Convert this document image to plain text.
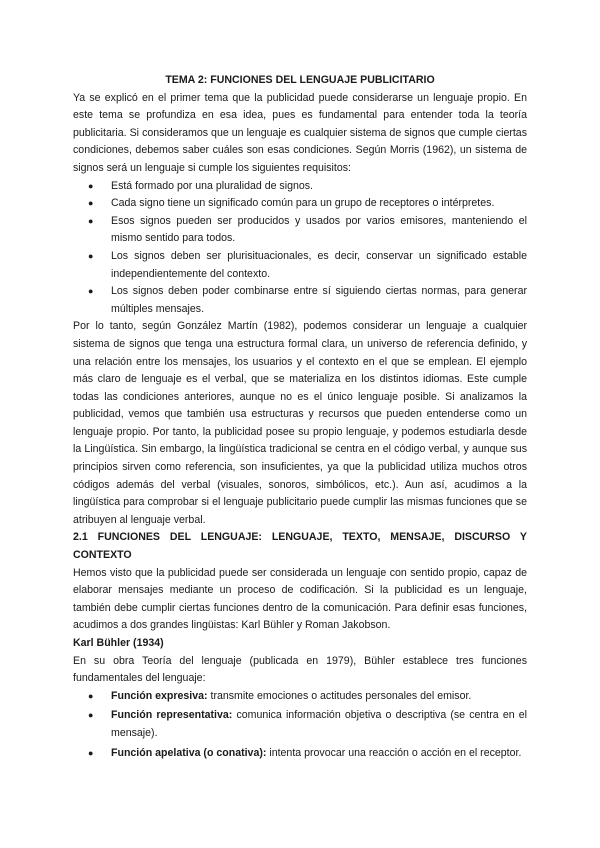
TEMA 2: FUNCIONES DEL LENGUAJE PUBLICITARIO

Ya se explicó en el primer tema que la publicidad puede considerarse un lenguaje propio. En este tema se profundiza en esa idea, pues es fundamental para entender toda la teoría publicitaria. Si consideramos que un lenguaje es cualquier sistema de signos que cumple ciertas condiciones, debemos saber cuáles son esas condiciones. Según Morris (1962), un sistema de signos será un lenguaje si cumple los siguientes requisitos:

● Está formado por una pluralidad de signos.
● Cada signo tiene un significado común para un grupo de receptores o intérpretes.
● Esos signos pueden ser producidos y usados por varios emisores, manteniendo el mismo sentido para todos.
● Los signos deben ser plurisituacionales, es decir, conservar un significado estable independientemente del contexto.
● Los signos deben poder combinarse entre sí siguiendo ciertas normas, para generar múltiples mensajes.

Por lo tanto, según González Martín (1982), podemos considerar un lenguaje a cualquier sistema de signos que tenga una estructura formal clara, un universo de referencia definido, y una relación entre los mensajes, los usuarios y el contexto en el que se emplean. El ejemplo más claro de lenguaje es el verbal, que se materializa en los distintos idiomas. Este cumple todas las condiciones anteriores, aunque no es el único lenguaje posible. Si analizamos la publicidad, vemos que también usa estructuras y recursos que pueden entenderse como un lenguaje propio. Por tanto, la publicidad posee su propio lenguaje, y podemos estudiarla desde la Lingüística. Sin embargo, la lingüística tradicional se centra en el código verbal, y aunque sus principios sirven como referencia, son insuficientes, ya que la publicidad utiliza muchos otros códigos además del verbal (visuales, sonoros, simbólicos, etc.). Aun así, acudimos a la lingüística para comprobar si el lenguaje publicitario puede cumplir las mismas funciones que se atribuyen al lenguaje verbal.

2.1 FUNCIONES DEL LENGUAJE: LENGUAJE, TEXTO, MENSAJE, DISCURSO Y CONTEXTO

Hemos visto que la publicidad puede ser considerada un lenguaje con sentido propio, capaz de elaborar mensajes mediante un proceso de codificación. Si la publicidad es un lenguaje, también debe cumplir ciertas funciones dentro de la comunicación. Para definir esas funciones, acudimos a dos grandes lingüistas: Karl Bühler y Roman Jakobson.

Karl Bühler (1934)

En su obra Teoría del lenguaje (publicada en 1979), Bühler establece tres funciones fundamentales del lenguaje:

● Función expresiva: transmite emociones o actitudes personales del emisor.
● Función representativa: comunica información objetiva o descriptiva (se centra en el mensaje).
● Función apelativa (o conativa): intenta provocar una reacción o acción en el receptor.
